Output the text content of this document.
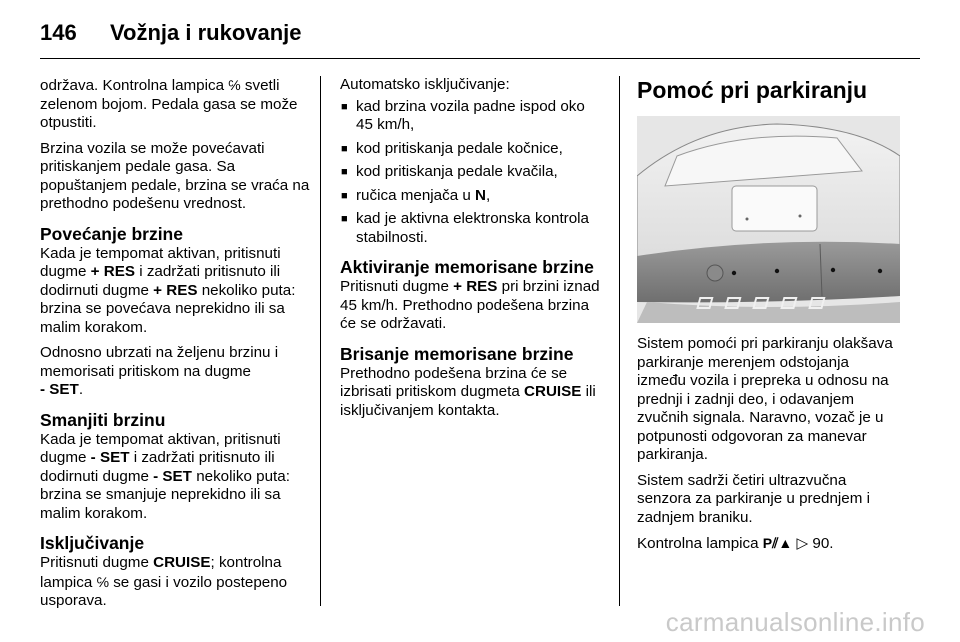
146 Vožnja i rukovanje

održava. Kontrolna lampica ℅ svetli zelenom bojom. Pedala gasa se može otpustiti.

Brzina vozila se može povećavati pritiskanjem pedale gasa. Sa popuštanjem pedale, brzina se vraća na prethodno podešenu vrednost.

Povećanje brzine

Kada je tempomat aktivan, pritisnuti dugme + RES i zadržati pritisnuto ili dodirnuti dugme + RES nekoliko puta: brzina se povećava neprekidno ili sa malim korakom.

Odnosno ubrzati na željenu brzinu i memorisati pritiskom na dugme
- SET.

Smanjiti brzinu

Kada je tempomat aktivan, pritisnuti dugme - SET i zadržati pritisnuto ili dodirnuti dugme - SET nekoliko puta: brzina se smanjuje neprekidno ili sa malim korakom.

Isključivanje

Pritisnuti dugme CRUISE; kontrolna lampica ℅ se gasi i vozilo postepeno usporava.

Automatsko isključivanje:

■ kad brzina vozila padne ispod oko 45 km/h,
■ kod pritiskanja pedale kočnice,
■ kod pritiskanja pedale kvačila,
■ ručica menjača u N,
■ kad je aktivna elektronska kontrola stabilnosti.
Aktiviranje memorisane brzine

Pritisnuti dugme + RES pri brzini iznad 45 km/h. Prethodno podešena brzina će se održavati.

Brisanje memorisane brzine

Prethodno podešena brzina će se izbrisati pritiskom dugmeta CRUISE ili isključivanjem kontakta.

Pomoć pri parkiranju

Sistem pomoći pri parkiranju olakšava parkiranje merenjem odstojanja između vozila i prepreka u odnosu na prednji i zadnji deo, i odavanjem zvučnih signala. Naravno, vozač je u potpunosti odgovoran za manevar parkiranja.

Sistem sadrži četiri ultrazvučna senzora za parkiranje u prednjem i zadnjem braniku.

Kontrolna lampica P⫽▲ ▷ 90.

carmanualsonline.info
